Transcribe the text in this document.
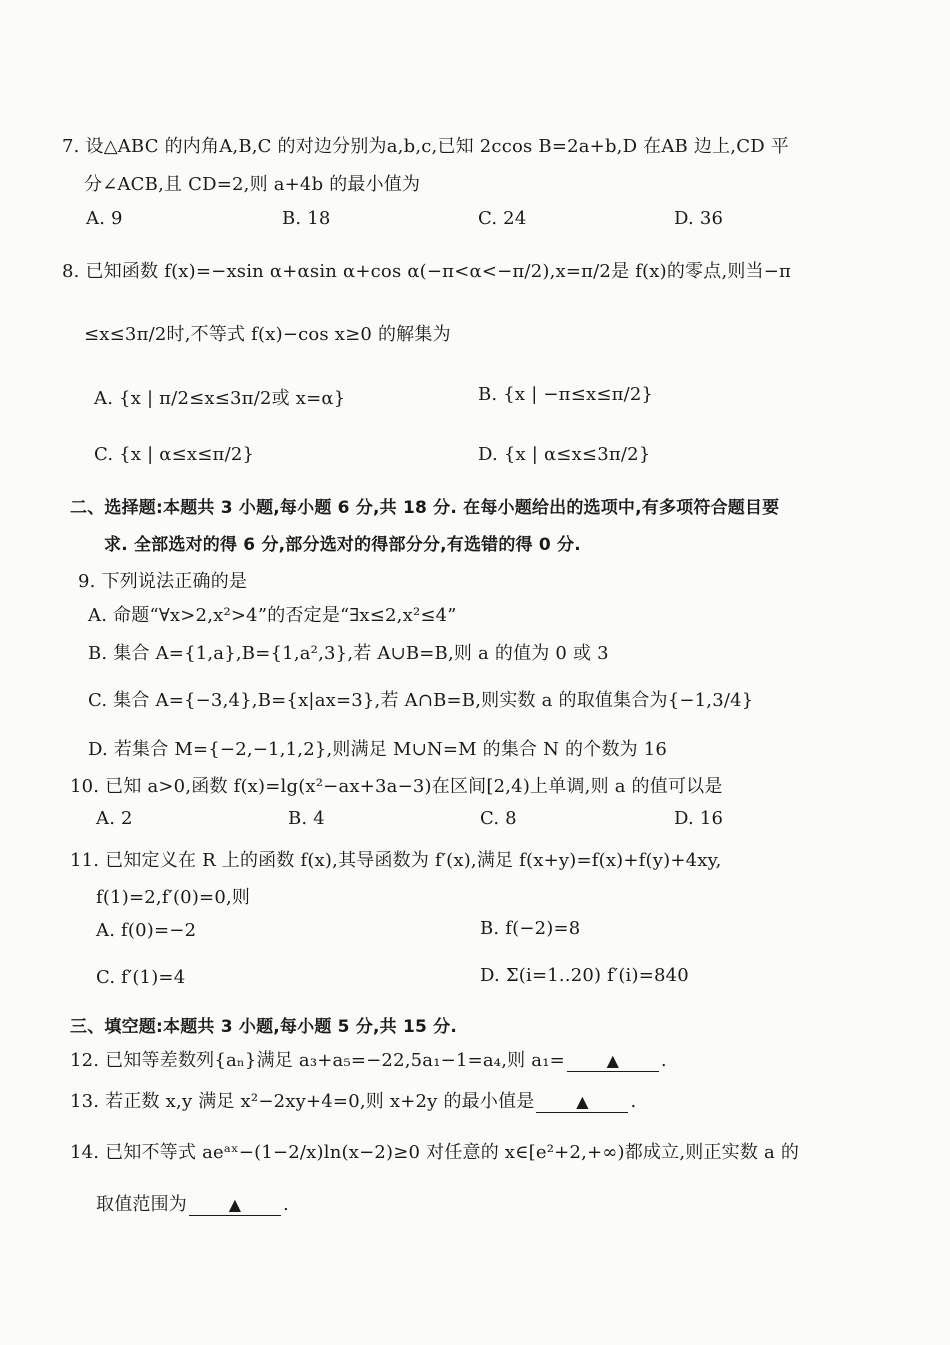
7. 设△ABC 的内角A,B,C 的对边分别为a,b,c,已知 2ccos B=2a+b,D 在AB 边上,CD 平
分∠ACB,且 CD=2,则 a+4b 的最小值为
A. 9	B. 18	C. 24	D. 36
8. 已知函数 f(x)=−xsin α+αsin α+cos α(−π<α<−π/2),x=π/2是 f(x)的零点,则当−π
≤x≤3π/2时,不等式 f(x)−cos x≥0 的解集为
A. {x | π/2≤x≤3π/2或 x=α}	B. {x | −π≤x≤π/2}
C. {x | α≤x≤π/2}	D. {x | α≤x≤3π/2}
二、选择题:本题共 3 小题,每小题 6 分,共 18 分. 在每小题给出的选项中,有多项符合题目要
求. 全部选对的得 6 分,部分选对的得部分分,有选错的得 0 分.
9. 下列说法正确的是
A. 命题“∀x>2,x²>4”的否定是“∃x≤2,x²≤4”
B. 集合 A={1,a},B={1,a²,3},若 A∪B=B,则 a 的值为 0 或 3
C. 集合 A={−3,4},B={x|ax=3},若 A∩B=B,则实数 a 的取值集合为{−1,3/4}
D. 若集合 M={−2,−1,1,2},则满足 M∪N=M 的集合 N 的个数为 16
10. 已知 a>0,函数 f(x)=lg(x²−ax+3a−3)在区间[2,4)上单调,则 a 的值可以是
A. 2	B. 4	C. 8	D. 16
11. 已知定义在 R 上的函数 f(x),其导函数为 f′(x),满足 f(x+y)=f(x)+f(y)+4xy,
f(1)=2,f′(0)=0,则
A. f(0)=−2	B. f(−2)=8
C. f′(1)=4	D. Σ(i=1..20) f′(i)=840
三、填空题:本题共 3 小题,每小题 5 分,共 15 分.
12. 已知等差数列{aₙ}满足 a₃+a₅=−22,5a₁−1=a₄,则 a₁=	▲ .
13. 若正数 x,y 满足 x²−2xy+4=0,则 x+2y 的最小值是	▲ .
14. 已知不等式 aeᵃˣ−(1−2/x)ln(x−2)≥0 对任意的 x∈[e²+2,+∞)都成立,则正实数 a 的
取值范围为	▲ .
